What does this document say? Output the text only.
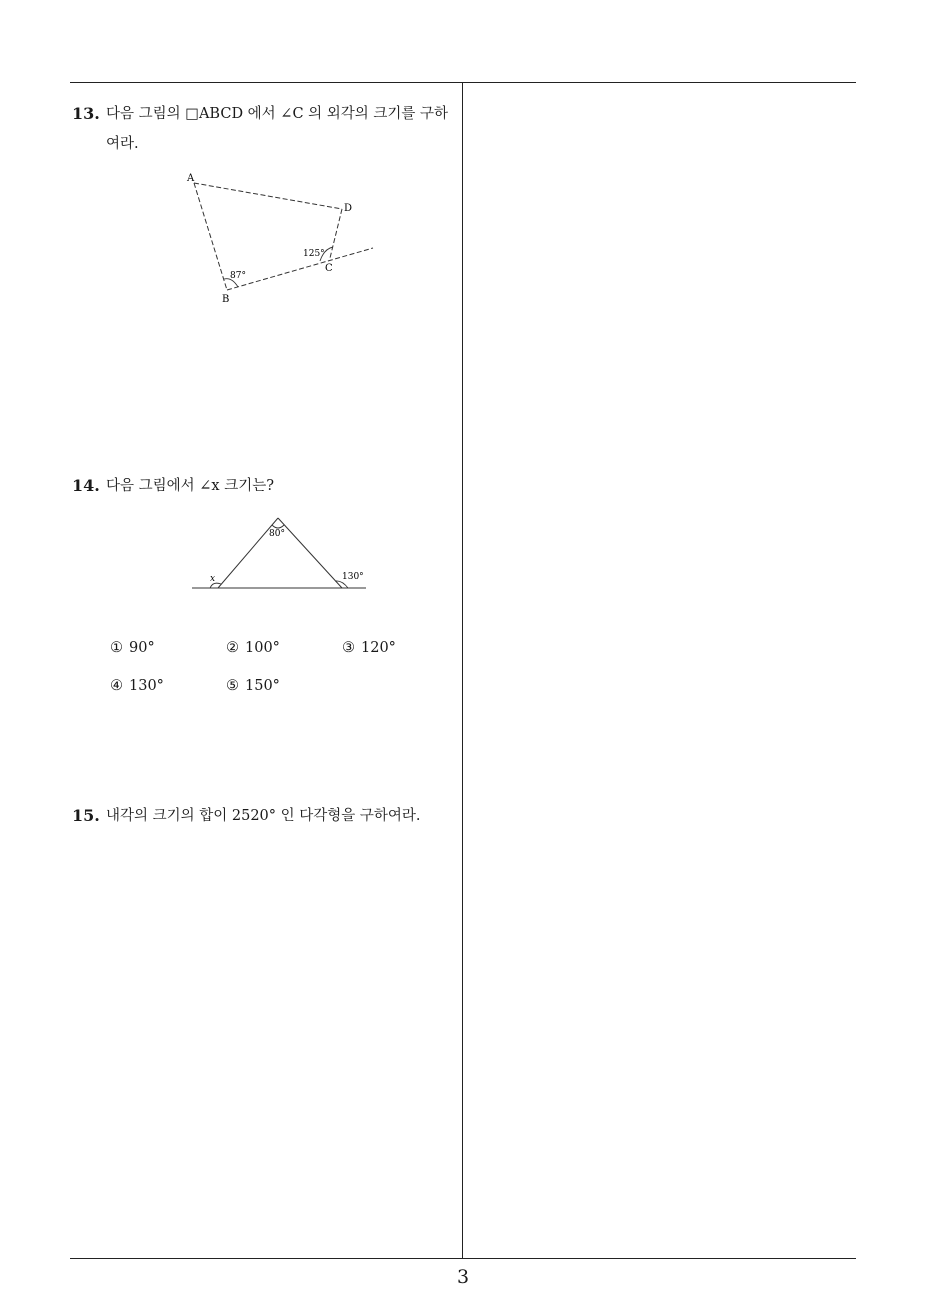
13. 다음 그림의 □ABCD 에서 ∠C 의 외각의 크기를 구하여라.
A
D
C
B
87°
125°
14. 다음 그림에서 ∠x 크기는?
80°
x	130°
① 90°	② 100°	③ 120°
④ 130°	⑤ 150°
15. 내각의 크기의 합이 2520° 인 다각형을 구하여라.
3
